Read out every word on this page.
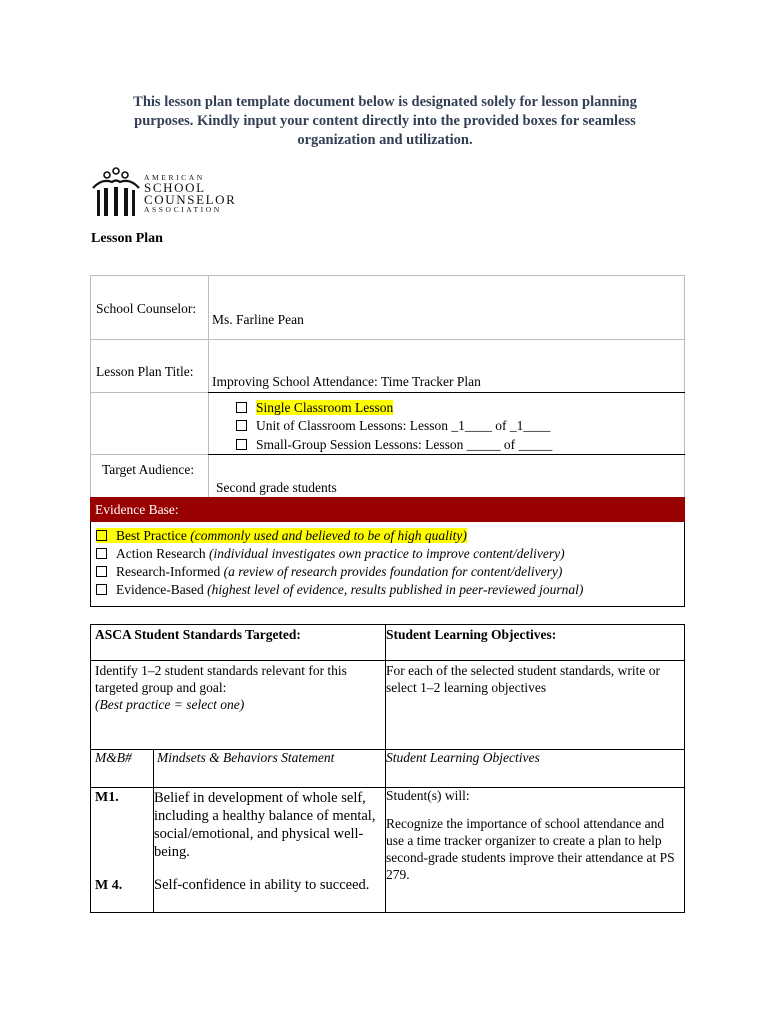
This lesson plan template document below is designated solely for lesson planning purposes. Kindly input your content directly into the provided boxes for seamless organization and utilization.
AMERICAN
SCHOOL
COUNSELOR
ASSOCIATION
Lesson Plan
School Counselor:
Ms. Farline Pean
Lesson Plan Title:
Improving School Attendance: Time Tracker Plan
Single Classroom Lesson
Unit of Classroom Lessons: Lesson _1____ of _1____
Small-Group Session Lessons: Lesson _____ of _____
Target Audience:
Second grade students
Evidence Base:
Best Practice (commonly used and believed to be of high quality)
Action Research (individual investigates own practice to improve content/delivery)
Research-Informed (a review of research provides foundation for content/delivery)
Evidence-Based (highest level of evidence, results published in peer-reviewed journal)
ASCA Student Standards Targeted:	Student Learning Objectives:
Identify 1–2 student standards relevant for this targeted group and goal:
(Best practice = select one)
For each of the selected student standards, write or select 1–2 learning objectives
M&B# Mindsets & Behaviors Statement	Student Learning Objectives
M1. Belief in development of whole self, including a healthy balance of mental, social/emotional, and physical well-being.
M 4. Self-confidence in ability to succeed.
Student(s) will:
Recognize the importance of school attendance and use a time tracker organizer to create a plan to help second-grade students improve their attendance at PS 279.
